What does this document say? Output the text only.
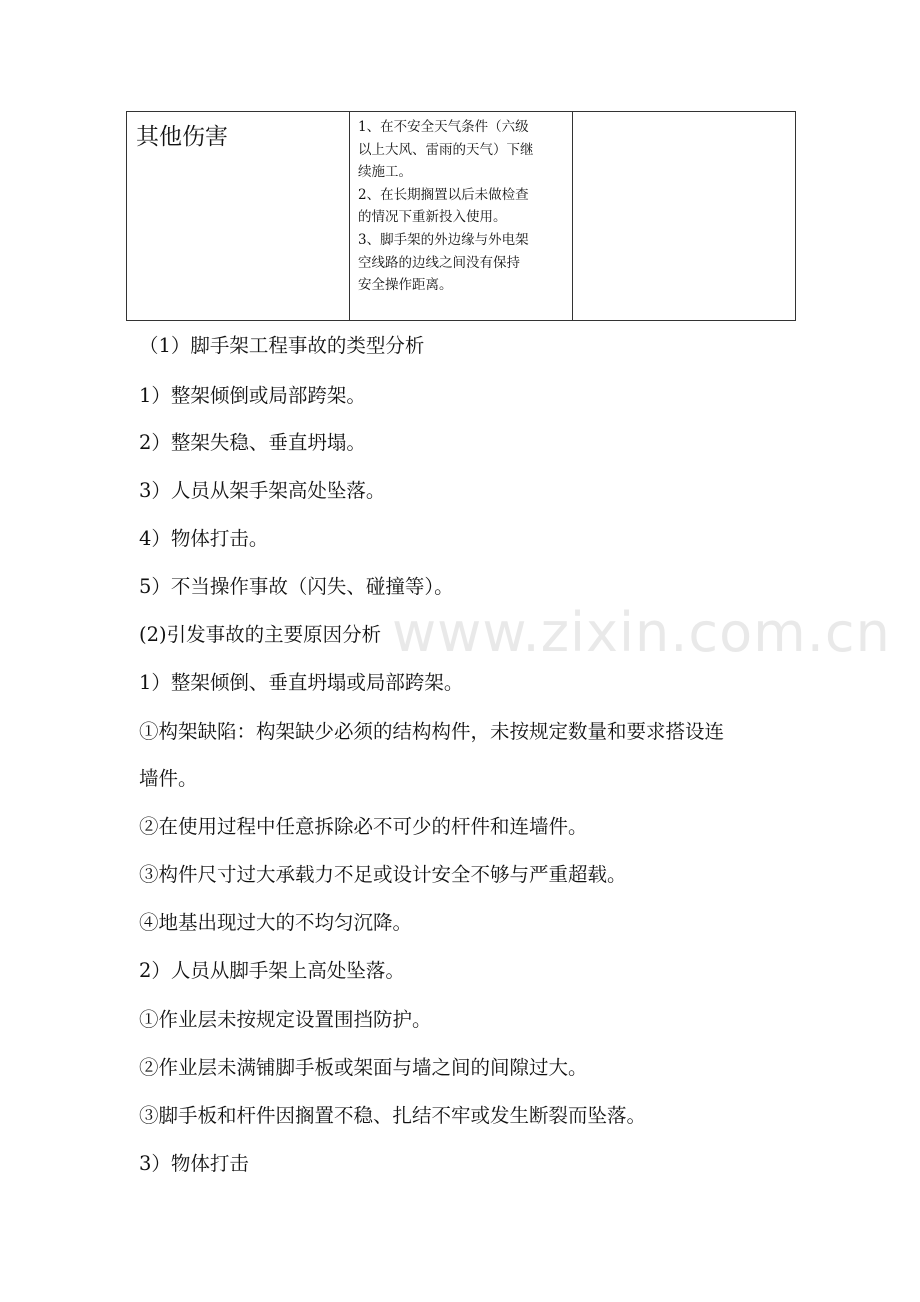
其他伤害	1、在不安全天气条件（六级
以上大风、雷雨的天气）下继
续施工。
2、在长期搁置以后未做检查
的情况下重新投入使用。
3、脚手架的外边缘与外电架
空线路的边线之间没有保持
安全操作距离。

（1）脚手架工程事故的类型分析
1）整架倾倒或局部跨架。
2）整架失稳、垂直坍塌。
3）人员从架手架高处坠落。
4）物体打击。
5）不当操作事故（闪失、碰撞等）。
(2)引发事故的主要原因分析
1）整架倾倒、垂直坍塌或局部跨架。
①构架缺陷：构架缺少必须的结构构件，未按规定数量和要求搭设连
墙件。
②在使用过程中任意拆除必不可少的杆件和连墙件。
③构件尺寸过大承载力不足或设计安全不够与严重超载。
④地基出现过大的不均匀沉降。
2）人员从脚手架上高处坠落。
①作业层未按规定设置围挡防护。
②作业层未满铺脚手板或架面与墙之间的间隙过大。
③脚手板和杆件因搁置不稳、扎结不牢或发生断裂而坠落。
3）物体打击
www.zixin.com.cn
